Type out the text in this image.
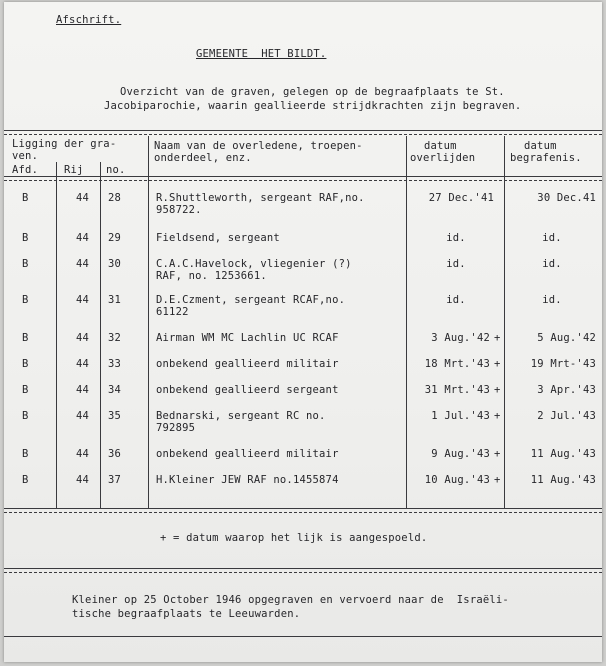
Afschrift.
GEMEENTE  HET BILDT.
Overzicht van de graven, gelegen op de begraafplaats te St.
Jacobiparochie, waarin geallieerde strijdkrachten zijn begraven.
Ligging der gra-
ven.
Afd. Rij no.
Naam van de overledene, troepen-
onderdeel, enz.
datum
overlijden
datum
begrafenis.
B	44 28	R.Shuttleworth, sergeant RAF,no.
958722.
27 Dec.'41	30 Dec.41
B	44 29	Fieldsend, sergeant	id.	id.
B	44 30	C.A.C.Havelock, vliegenier (?)
RAF, no. 1253661.
id.	id.
B	44 31	D.E.Czment, sergeant RCAF,no.
61122
id.	id.
B	44 32	Airman WM MC Lachlin UC RCAF	3 Aug.'42 +	5 Aug.'42
B	44 33	onbekend geallieerd militair	18 Mrt.'43 +	19 Mrt-'43
B	44 34	onbekend geallieerd sergeant	31 Mrt.'43 +	3 Apr.'43
B	44 35	Bednarski, sergeant RC no.
792895
1 Jul.'43 +	2 Jul.'43
B	44 36	onbekend geallieerd militair	9 Aug.'43 +	11 Aug.'43
B	44 37	H.Kleiner JEW RAF no.1455874	10 Aug.'43 +	11 Aug.'43
+ = datum waarop het lijk is aangespoeld.
Kleiner op 25 October 1946 opgegraven en vervoerd naar de  Israëli-
tische begraafplaats te Leeuwarden.
